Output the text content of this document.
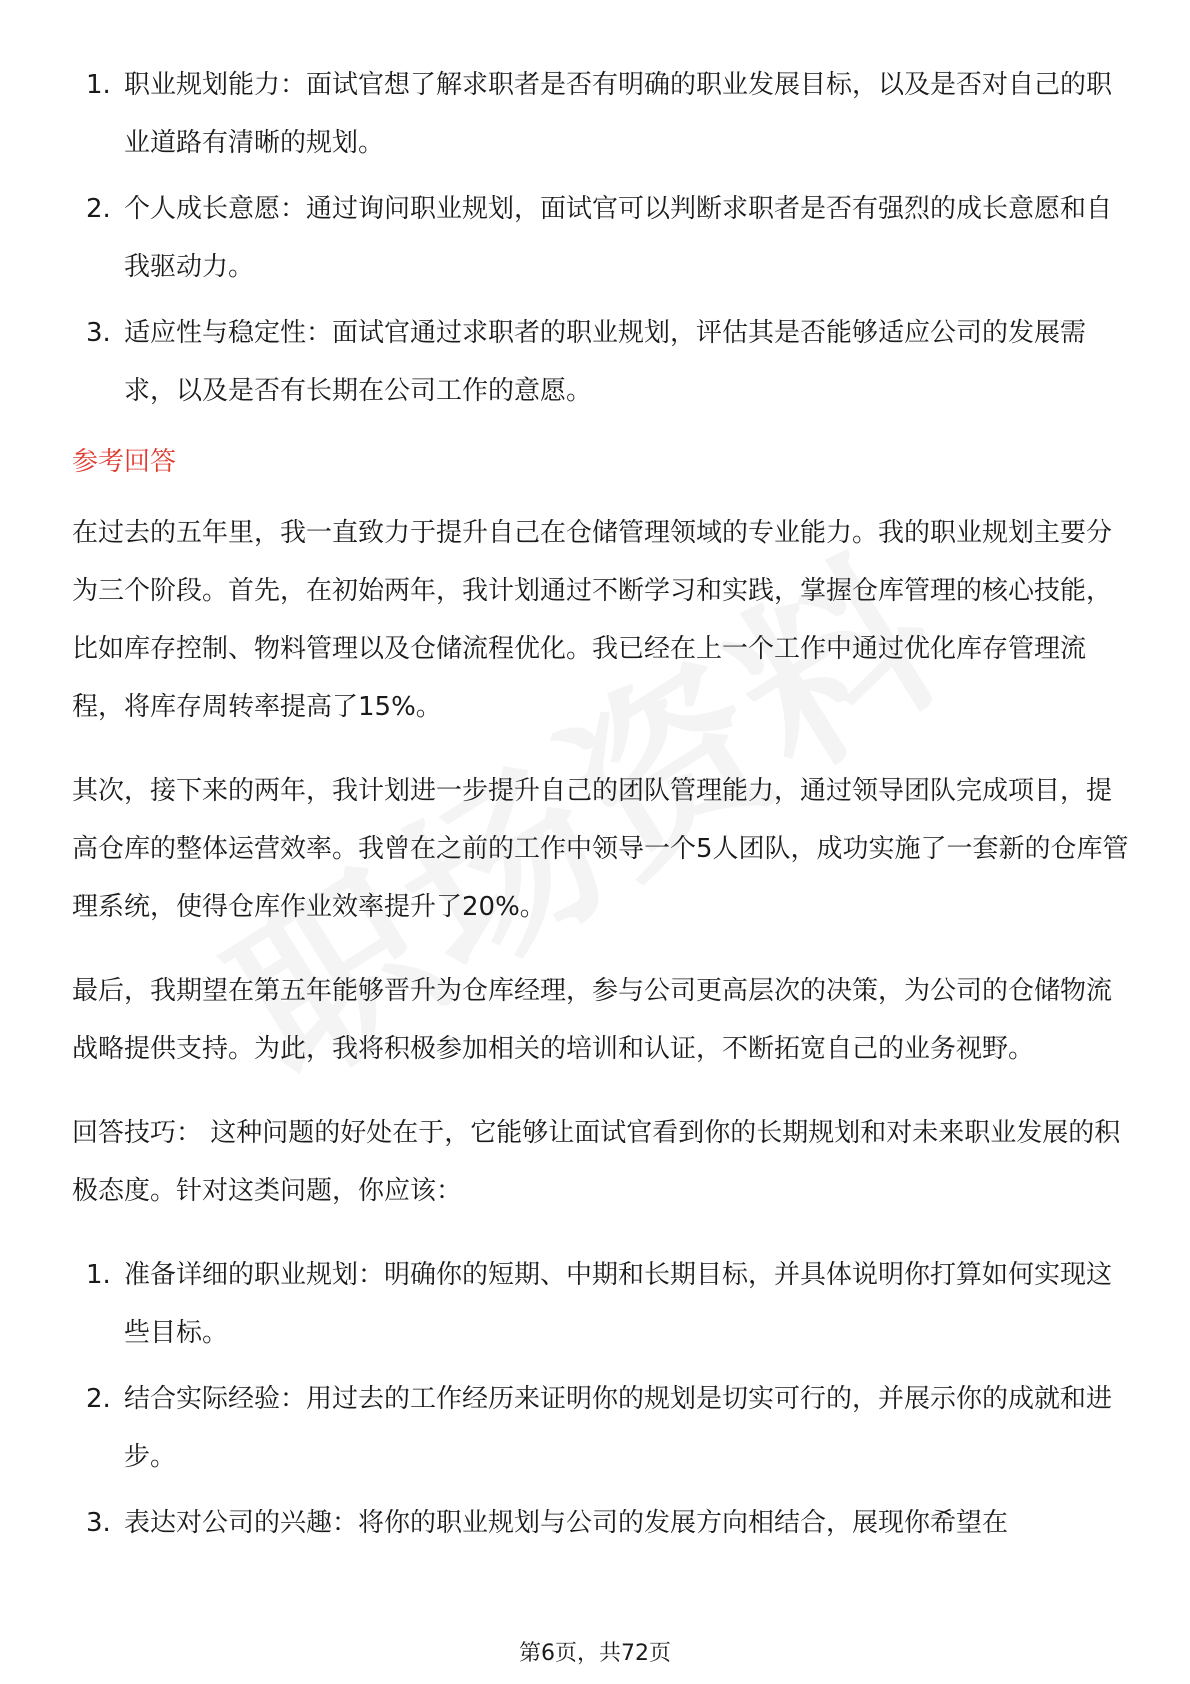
1. 职业规划能力：面试官想了解求职者是否有明确的职业发展目标，以及是否对自己的职业道路有清晰的规划。
2. 个人成长意愿：通过询问职业规划，面试官可以判断求职者是否有强烈的成长意愿和自我驱动力。
3. 适应性与稳定性：面试官通过求职者的职业规划，评估其是否能够适应公司的发展需求，以及是否有长期在公司工作的意愿。
参考回答

在过去的五年里，我一直致力于提升自己在仓储管理领域的专业能力。我的职业规划主要分为三个阶段。首先，在初始两年，我计划通过不断学习和实践，掌握仓库管理的核心技能，比如库存控制、物料管理以及仓储流程优化。我已经在上一个工作中通过优化库存管理流程，将库存周转率提高了15%。

其次，接下来的两年，我计划进一步提升自己的团队管理能力，通过领导团队完成项目，提高仓库的整体运营效率。我曾在之前的工作中领导一个5人团队，成功实施了一套新的仓库管理系统，使得仓库作业效率提升了20%。

最后，我期望在第五年能够晋升为仓库经理，参与公司更高层次的决策，为公司的仓储物流战略提供支持。为此，我将积极参加相关的培训和认证，不断拓宽自己的业务视野。

回答技巧： 这种问题的好处在于，它能够让面试官看到你的长期规划和对未来职业发展的积极态度。针对这类问题，你应该：

1. 准备详细的职业规划：明确你的短期、中期和长期目标，并具体说明你打算如何实现这些目标。
2. 结合实际经验：用过去的工作经历来证明你的规划是切实可行的，并展示你的成就和进步。
3. 表达对公司的兴趣：将你的职业规划与公司的发展方向相结合，展现你希望在
第6页，共72页
